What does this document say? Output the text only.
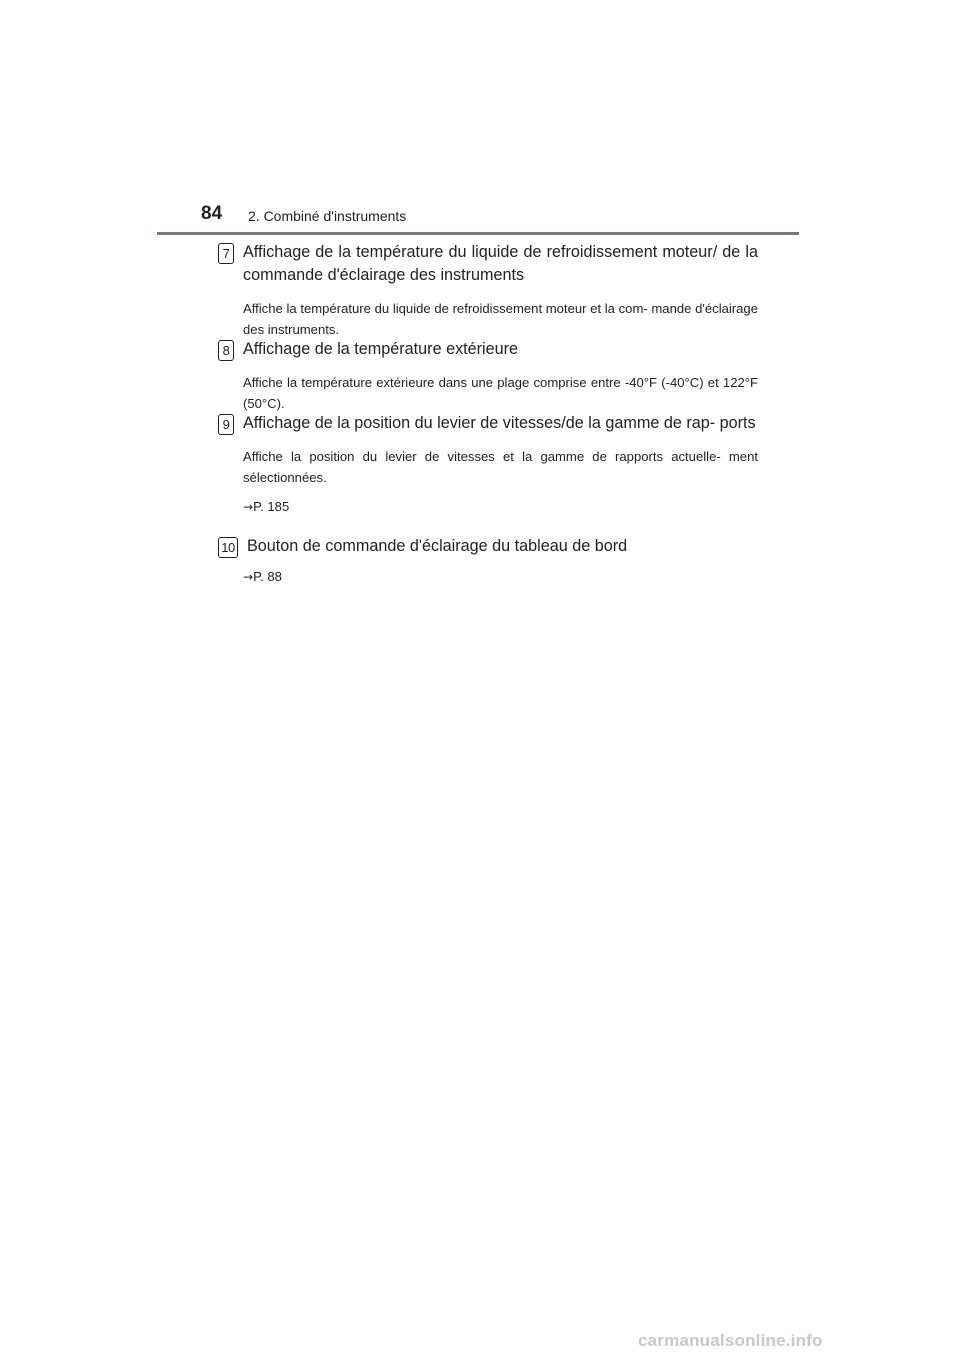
84 2. Combiné d'instruments
7 Affichage de la température du liquide de refroidissement moteur/ de la commande d'éclairage des instruments
Affiche la température du liquide de refroidissement moteur et la com- mande d'éclairage des instruments.
8 Affichage de la température extérieure
Affiche la température extérieure dans une plage comprise entre -40°F (-40°C) et 122°F (50°C).
9 Affichage de la position du levier de vitesses/de la gamme de rap- ports
Affiche la position du levier de vitesses et la gamme de rapports actuelle- ment sélectionnées.
→P. 185
10 Bouton de commande d'éclairage du tableau de bord
→P. 88
carmanualsonline.info
